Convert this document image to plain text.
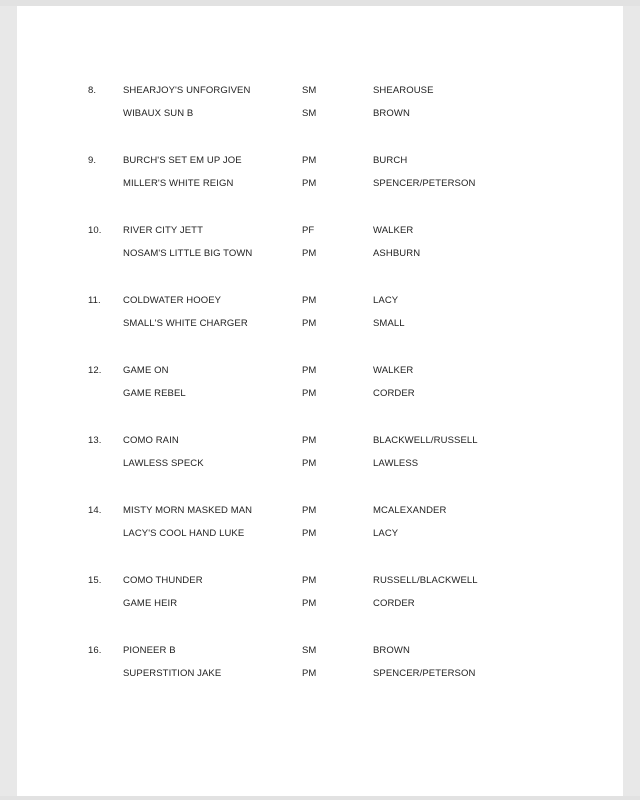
8.	SHEARJOY'S UNFORGIVEN	SM	SHEAROUSE
WIBAUX SUN B	SM	BROWN
9.	BURCH'S SET EM UP JOE	PM	BURCH
MILLER'S WHITE REIGN	PM	SPENCER/PETERSON
10. RIVER CITY JETT	PF	WALKER
NOSAM'S LITTLE BIG TOWN	PM	ASHBURN
11. COLDWATER HOOEY	PM	LACY
SMALL'S WHITE CHARGER	PM	SMALL
12. GAME ON	PM	WALKER
GAME REBEL	PM	CORDER
13. COMO RAIN	PM	BLACKWELL/RUSSELL
LAWLESS SPECK	PM	LAWLESS
14. MISTY MORN MASKED MAN	PM	MCALEXANDER
LACY'S COOL HAND LUKE	PM	LACY
15. COMO THUNDER	PM	RUSSELL/BLACKWELL
GAME HEIR	PM	CORDER
16. PIONEER B	SM	BROWN
SUPERSTITION JAKE	PM	SPENCER/PETERSON
